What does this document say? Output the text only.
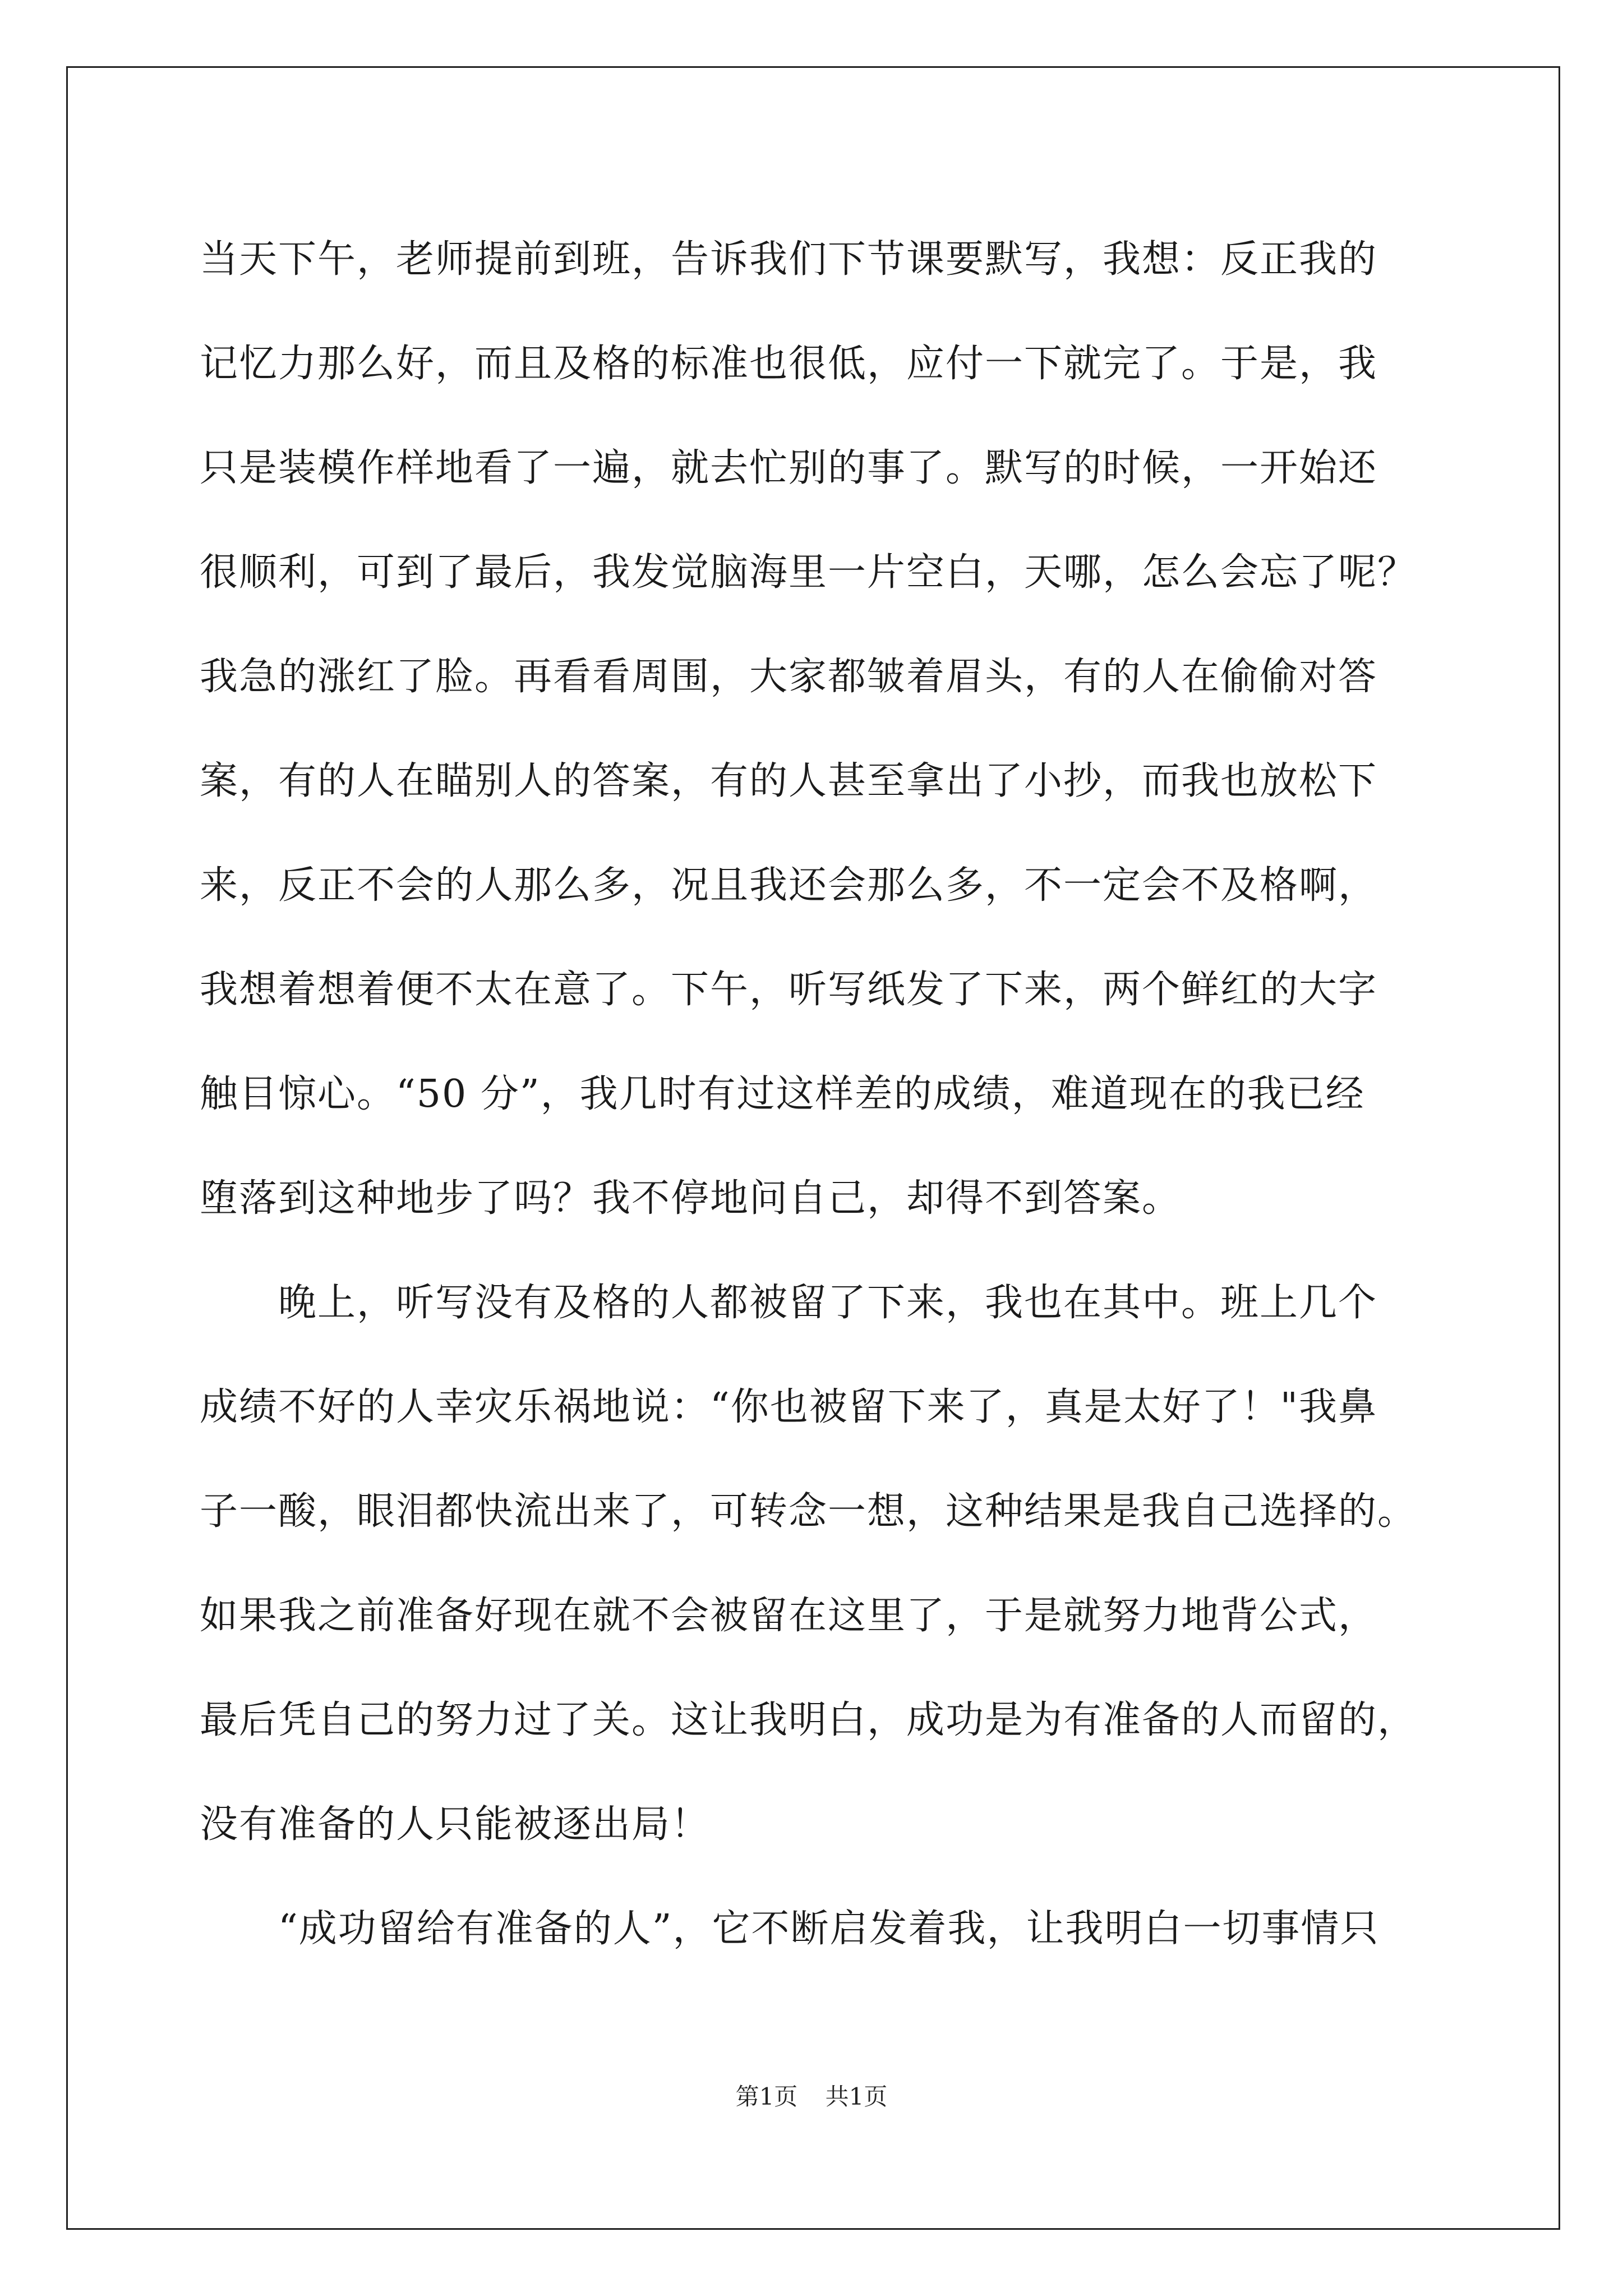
当天下午，老师提前到班，告诉我们下节课要默写，我想：反正我的
记忆力那么好，而且及格的标准也很低，应付一下就完了。于是，我
只是装模作样地看了一遍，就去忙别的事了。默写的时候，一开始还
很顺利，可到了最后，我发觉脑海里一片空白，天哪，怎么会忘了呢？
我急的涨红了脸。再看看周围，大家都皱着眉头，有的人在偷偷对答
案，有的人在瞄别人的答案，有的人甚至拿出了小抄，而我也放松下
来，反正不会的人那么多，况且我还会那么多，不一定会不及格啊，
我想着想着便不太在意了。下午，听写纸发了下来，两个鲜红的大字
触目惊心。“50 分”，我几时有过这样差的成绩，难道现在的我已经
堕落到这种地步了吗？我不停地问自己，却得不到答案。
　　晚上，听写没有及格的人都被留了下来，我也在其中。班上几个
成绩不好的人幸灾乐祸地说：“你也被留下来了，真是太好了！"我鼻
子一酸，眼泪都快流出来了，可转念一想，这种结果是我自己选择的。
如果我之前准备好现在就不会被留在这里了，于是就努力地背公式，
最后凭自己的努力过了关。这让我明白，成功是为有准备的人而留的，
没有准备的人只能被逐出局！
　　“成功留给有准备的人”，它不断启发着我，让我明白一切事情只
第1页 共1页
